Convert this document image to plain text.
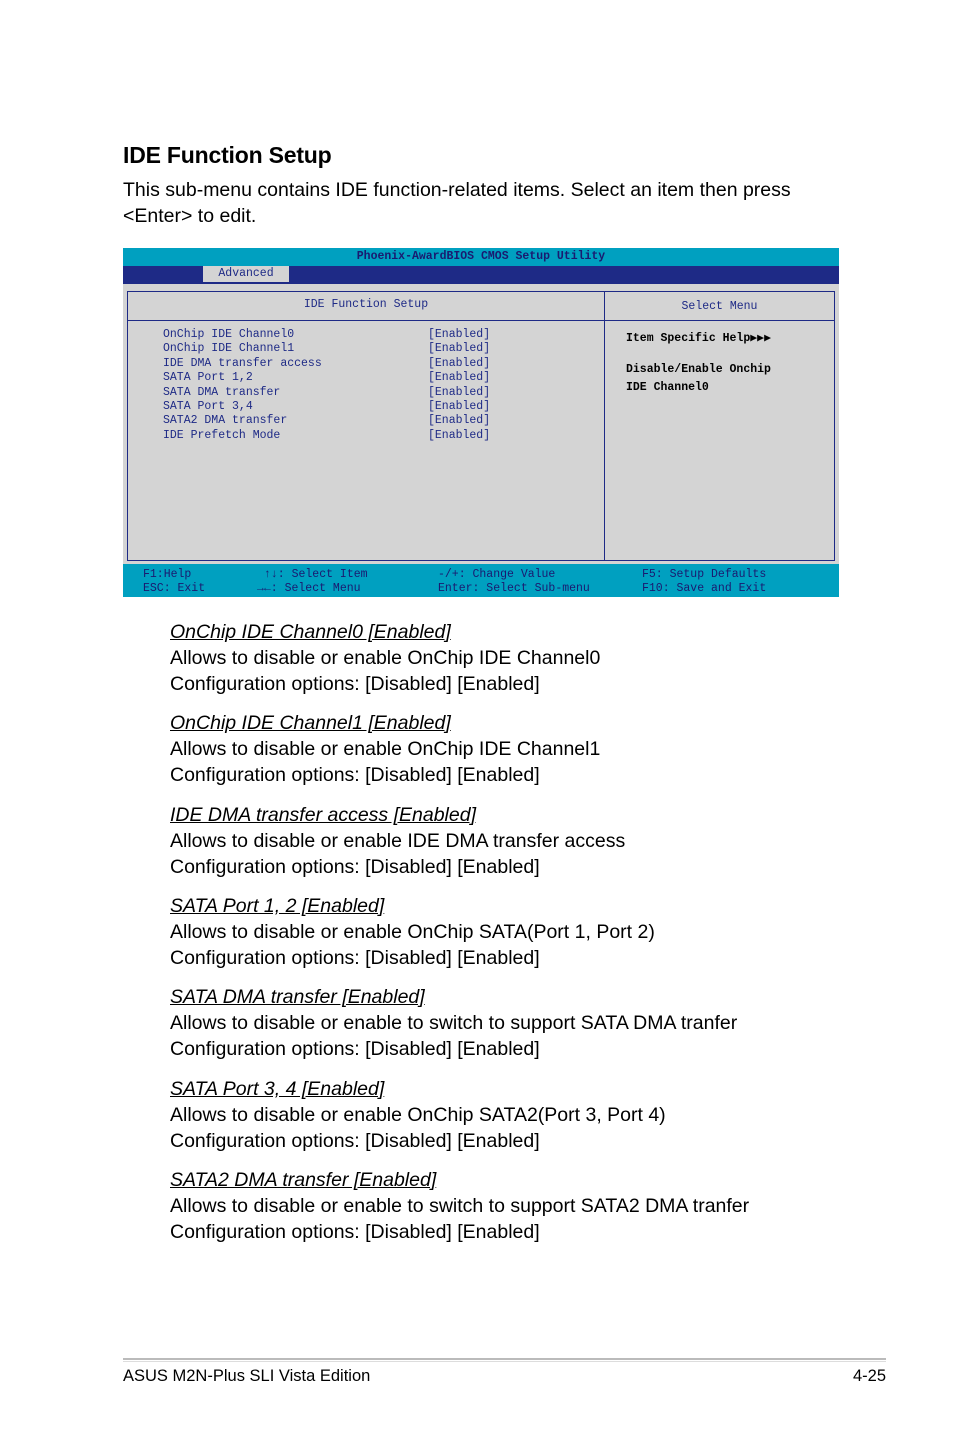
IDE Function Setup
This sub-menu contains IDE function-related items. Select an item then press
<Enter> to edit.
Phoenix-AwardBIOS CMOS Setup Utility
Advanced
IDE Function Setup	Select Menu
OnChip IDE Channel0	[Enabled]
OnChip IDE Channel1	[Enabled]
IDE DMA transfer access	[Enabled]
SATA Port 1,2	[Enabled]
SATA DMA transfer	[Enabled]
SATA Port 3,4	[Enabled]
SATA2 DMA transfer	[Enabled]
IDE Prefetch Mode	[Enabled]
Item Specific Help▶▶▶
Disable/Enable Onchip
IDE Channel0
F1:Help
ESC: Exit
↑↓: Select Item
→←: Select Menu
-/+: Change Value
Enter: Select Sub-menu
F5: Setup Defaults
F10: Save and Exit
OnChip IDE Channel0 [Enabled]
Allows to disable or enable OnChip IDE Channel0
Configuration options: [Disabled] [Enabled]
OnChip IDE Channel1 [Enabled]
Allows to disable or enable OnChip IDE Channel1
Configuration options: [Disabled] [Enabled]
IDE DMA transfer access [Enabled]
Allows to disable or enable IDE DMA transfer access
Configuration options: [Disabled] [Enabled]
SATA Port 1, 2 [Enabled]
Allows to disable or enable OnChip SATA(Port 1, Port 2)
Configuration options: [Disabled] [Enabled]
SATA DMA transfer [Enabled]
Allows to disable or enable to switch to support SATA DMA tranfer
Configuration options: [Disabled] [Enabled]
SATA Port 3, 4 [Enabled]
Allows to disable or enable OnChip SATA2(Port 3, Port 4)
Configuration options: [Disabled] [Enabled]
SATA2 DMA transfer [Enabled]
Allows to disable or enable to switch to support SATA2 DMA tranfer
Configuration options: [Disabled] [Enabled]
ASUS M2N-Plus SLI Vista Edition	4-25
